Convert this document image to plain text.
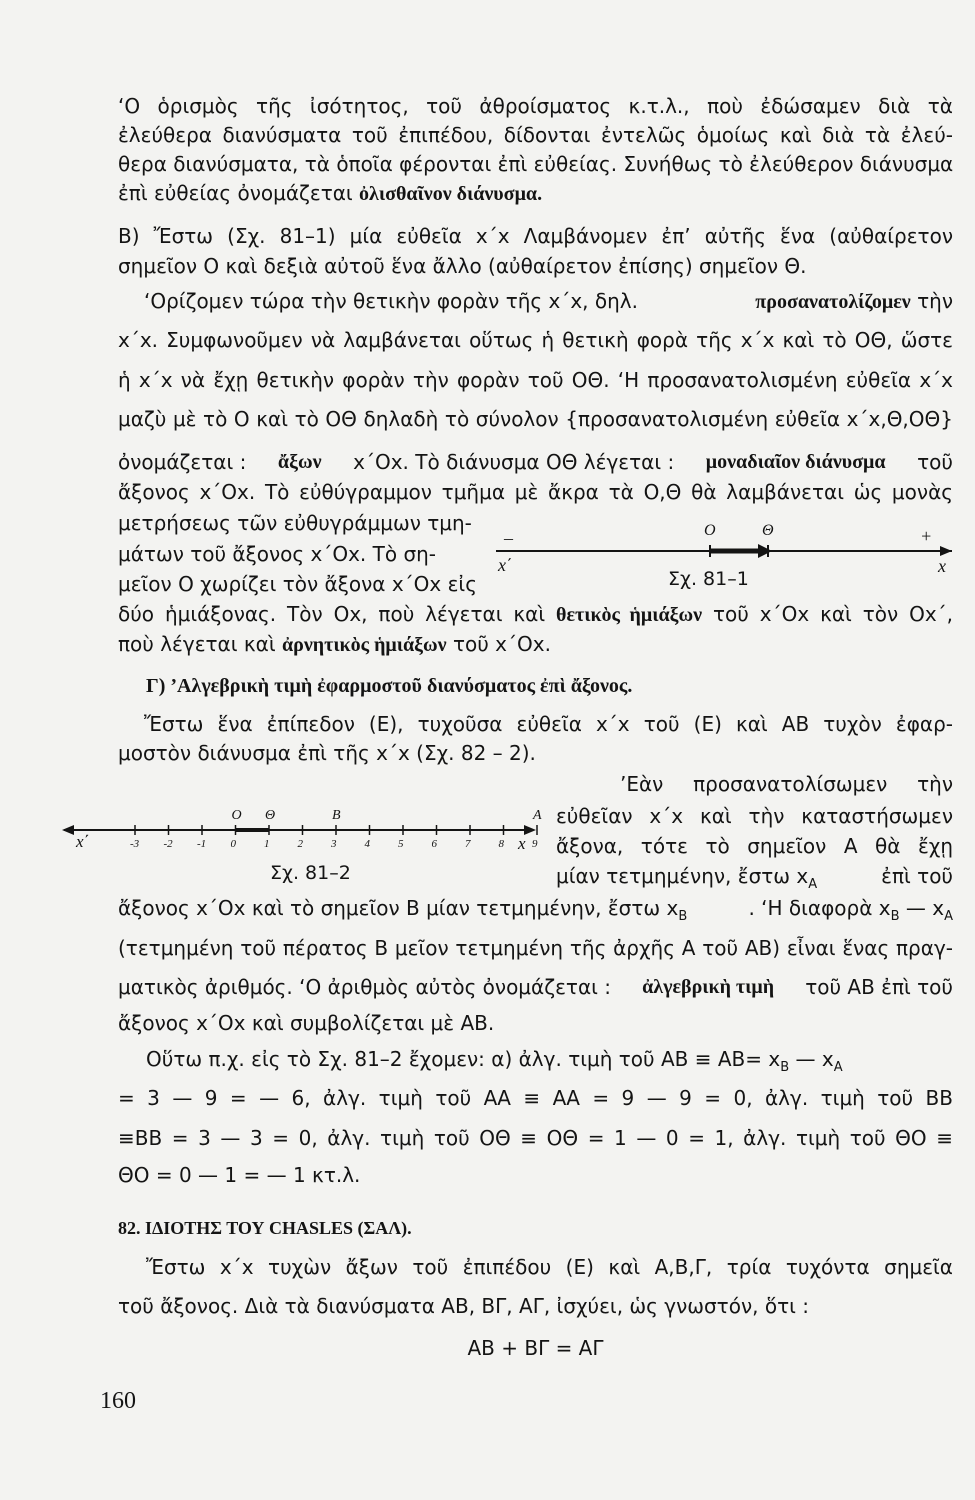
‘Ο ὁρισμὸς τῆς ἰσότητος, τοῦ ἀθροίσματος κ.τ.λ., ποὺ ἐδώσαμεν διὰ τὰ
ἐλεύθερα διανύσματα τοῦ ἐπιπέδου, δίδονται ἐντελῶς ὁμοίως καὶ διὰ τὰ ἐλεύ-
θερα διανύσματα, τὰ ὁποῖα φέρονται ἐπὶ εὐθείας. Συνήθως τὸ ἐλεύθερον διάνυσμα
ἐπὶ εὐθείας ὀνομάζεται ὀλισθαῖνον διάνυσμα.
Β) Ἔστω (Σχ. 81–1) μία εὐθεῖα x΄x Λαμβάνομεν ἐπ’ αὐτῆς ἕνα (αὐθαίρετον
σημεῖον Ο καὶ δεξιὰ αὐτοῦ ἕνα ἄλλο (αὐθαίρετον ἐπίσης) σημεῖον Θ.
‘Ορίζομεν τώρα τὴν θετικὴν φορὰν τῆς x΄x, δηλ.	προσανατολίζομεν τὴν
x΄x. Συμφωνοῦμεν νὰ λαμβάνεται οὕτως ἡ θετικὴ φορὰ τῆς x΄x καὶ τὸ ΟΘ, ὥστε
ἡ x΄x νὰ ἔχῃ θετικὴν φορὰν τὴν φορὰν τοῦ ΟΘ. ‘Η προσανατολισμένη εὐθεῖα x΄x
μαζὺ μὲ τὸ Ο καὶ τὸ ΟΘ δηλαδὴ τὸ σύνολον {προσανατολισμένη εὐθεῖα x΄x,Θ,ΟΘ}
ὀνομάζεται : ἄξων x΄Ox. Τὸ διάνυσμα ΟΘ λέγεται : μοναδιαῖον διάνυσμα τοῦ
ἄξονος x΄Ox. Τὸ εὐθύγραμμον τμῆμα μὲ ἄκρα τὰ Ο,Θ θὰ λαμβάνεται ὡς μονὰς
μετρήσεως τῶν εὐθυγράμμων τμη-
μάτων τοῦ ἄξονος x΄Ox. Τὸ ση-
μεῖον Ο χωρίζει τὸν ἄξονα x΄Ox εἰς
–	+
x΄	x
O	Θ
Σχ. 81–1
δύο ἡμιάξονας. Τὸν Οx, ποὺ λέγεται καὶ θετικὸς ἡμιάξων τοῦ x΄Ox καὶ τὸν Οx΄,
ποὺ λέγεται καὶ ἀρνητικὸς ἡμιάξων τοῦ x΄Ox.
Γ) ’Αλγεβρικὴ τιμὴ ἐφαρμοστοῦ διανύσματος ἐπὶ ἄξονος.
Ἔστω ἕνα ἐπίπεδον (Ε), τυχοῦσα εὐθεῖα x΄x τοῦ (Ε) καὶ ΑΒ τυχὸν ἐφαρ-
μοστὸν διάνυσμα ἐπὶ τῆς x΄x (Σχ. 82 – 2).
’Εὰν προσανατολίσωμεν τὴν
εὐθεῖαν x΄x καὶ τὴν καταστήσωμεν
ἄξονα, τότε τὸ σημεῖον Α θὰ ἔχῃ
μίαν τετμημένην, ἔστω $x_A$	ἐπὶ τοῦ
-3 -2 -1 0	1	2	3	4	5	6	7	8	9
x΄	x
O Θ	B	A
Σχ. 81–2
ἄξονος x΄Ox καὶ τὸ σημεῖον Β μίαν τετμημένην, ἔστω $x_B$	. ‘Η διαφορὰ $x_B$ — $x_A$
(τετμημένη τοῦ πέρατος Β μεῖον τετμημένη τῆς ἀρχῆς Α τοῦ ΑΒ) εἶναι ἕνας πραγ-
ματικὸς ἀριθμός. ‘Ο ἀριθμὸς αὐτὸς ὀνομάζεται : ἀλγεβρικὴ τιμὴ τοῦ ΑΒ ἐπὶ τοῦ
ἄξονος x΄Ox καὶ συμβολίζεται μὲ ΑΒ.
Οὕτω π.χ. εἰς τὸ Σχ. 81–2 ἔχομεν: α) ἀλγ. τιμὴ τοῦ $AB \equiv AB= x_B$ — $x_A$
= 3 — 9 = — 6, ἀλγ. τιμὴ τοῦ ΑΑ ≡ ΑΑ = 9 — 9 = 0, ἀλγ. τιμὴ τοῦ ΒΒ
≡ΒΒ = 3 — 3 = 0, ἀλγ. τιμὴ τοῦ ΟΘ ≡ ΟΘ = 1 — 0 = 1, ἀλγ. τιμὴ τοῦ ΘΟ ≡
ΘΟ = 0 — 1 = — 1 κτ.λ.
82. ΙΔΙΟΤΗΣ ΤΟΥ CHASLES (ΣΑΛ).
Ἔστω x΄x τυχὼν ἄξων τοῦ ἐπιπέδου (Ε) καὶ Α,Β,Γ, τρία τυχόντα σημεῖα
τοῦ ἄξονος. Διὰ τὰ διανύσματα ΑΒ, ΒΓ, ΑΓ, ἰσχύει, ὡς γνωστόν, ὅτι :
ΑΒ + ΒΓ = ΑΓ
160
